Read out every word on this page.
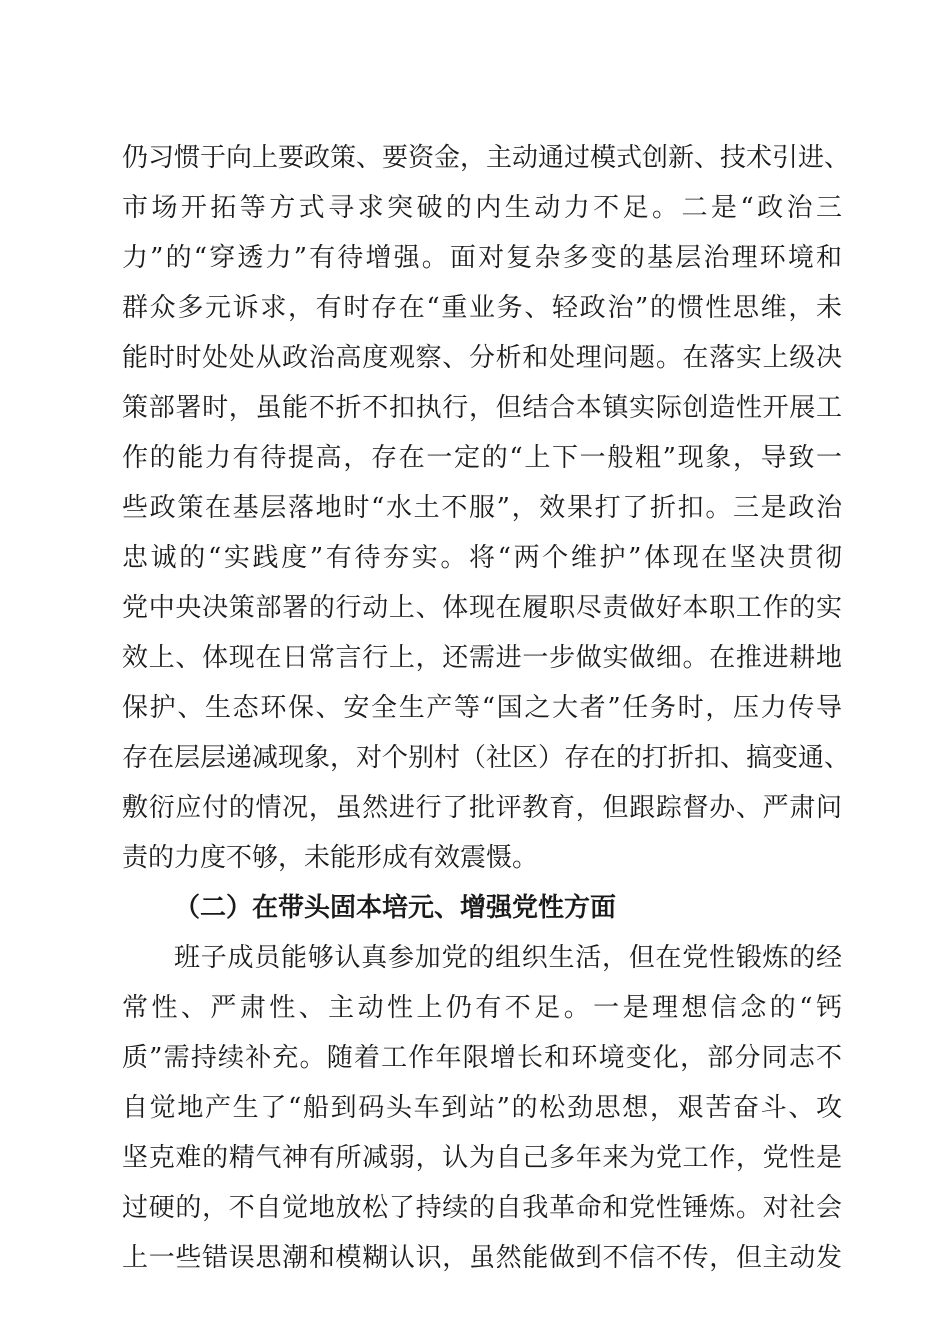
仍习惯于向上要政策、要资金，主动通过模式创新、技术引进、
市场开拓等方式寻求突破的内生动力不足。二是“政治三
力”的“穿透力”有待增强。面对复杂多变的基层治理环境和
群众多元诉求，有时存在“重业务、轻政治”的惯性思维，未
能时时处处从政治高度观察、分析和处理问题。在落实上级决
策部署时，虽能不折不扣执行，但结合本镇实际创造性开展工
作的能力有待提高，存在一定的“上下一般粗”现象，导致一
些政策在基层落地时“水土不服”，效果打了折扣。三是政治
忠诚的“实践度”有待夯实。将“两个维护”体现在坚决贯彻
党中央决策部署的行动上、体现在履职尽责做好本职工作的实
效上、体现在日常言行上，还需进一步做实做细。在推进耕地
保护、生态环保、安全生产等“国之大者”任务时，压力传导
存在层层递减现象，对个别村（社区）存在的打折扣、搞变通、
敷衍应付的情况，虽然进行了批评教育，但跟踪督办、严肃问
责的力度不够，未能形成有效震慑。
（二）在带头固本培元、增强党性方面
班子成员能够认真参加党的组织生活，但在党性锻炼的经
常性、严肃性、主动性上仍有不足。一是理想信念的“钙
质”需持续补充。随着工作年限增长和环境变化，部分同志不
自觉地产生了“船到码头车到站”的松劲思想，艰苦奋斗、攻
坚克难的精气神有所减弱，认为自己多年来为党工作，党性是
过硬的，不自觉地放松了持续的自我革命和党性锤炼。对社会
上一些错误思潮和模糊认识，虽然能做到不信不传，但主动发
